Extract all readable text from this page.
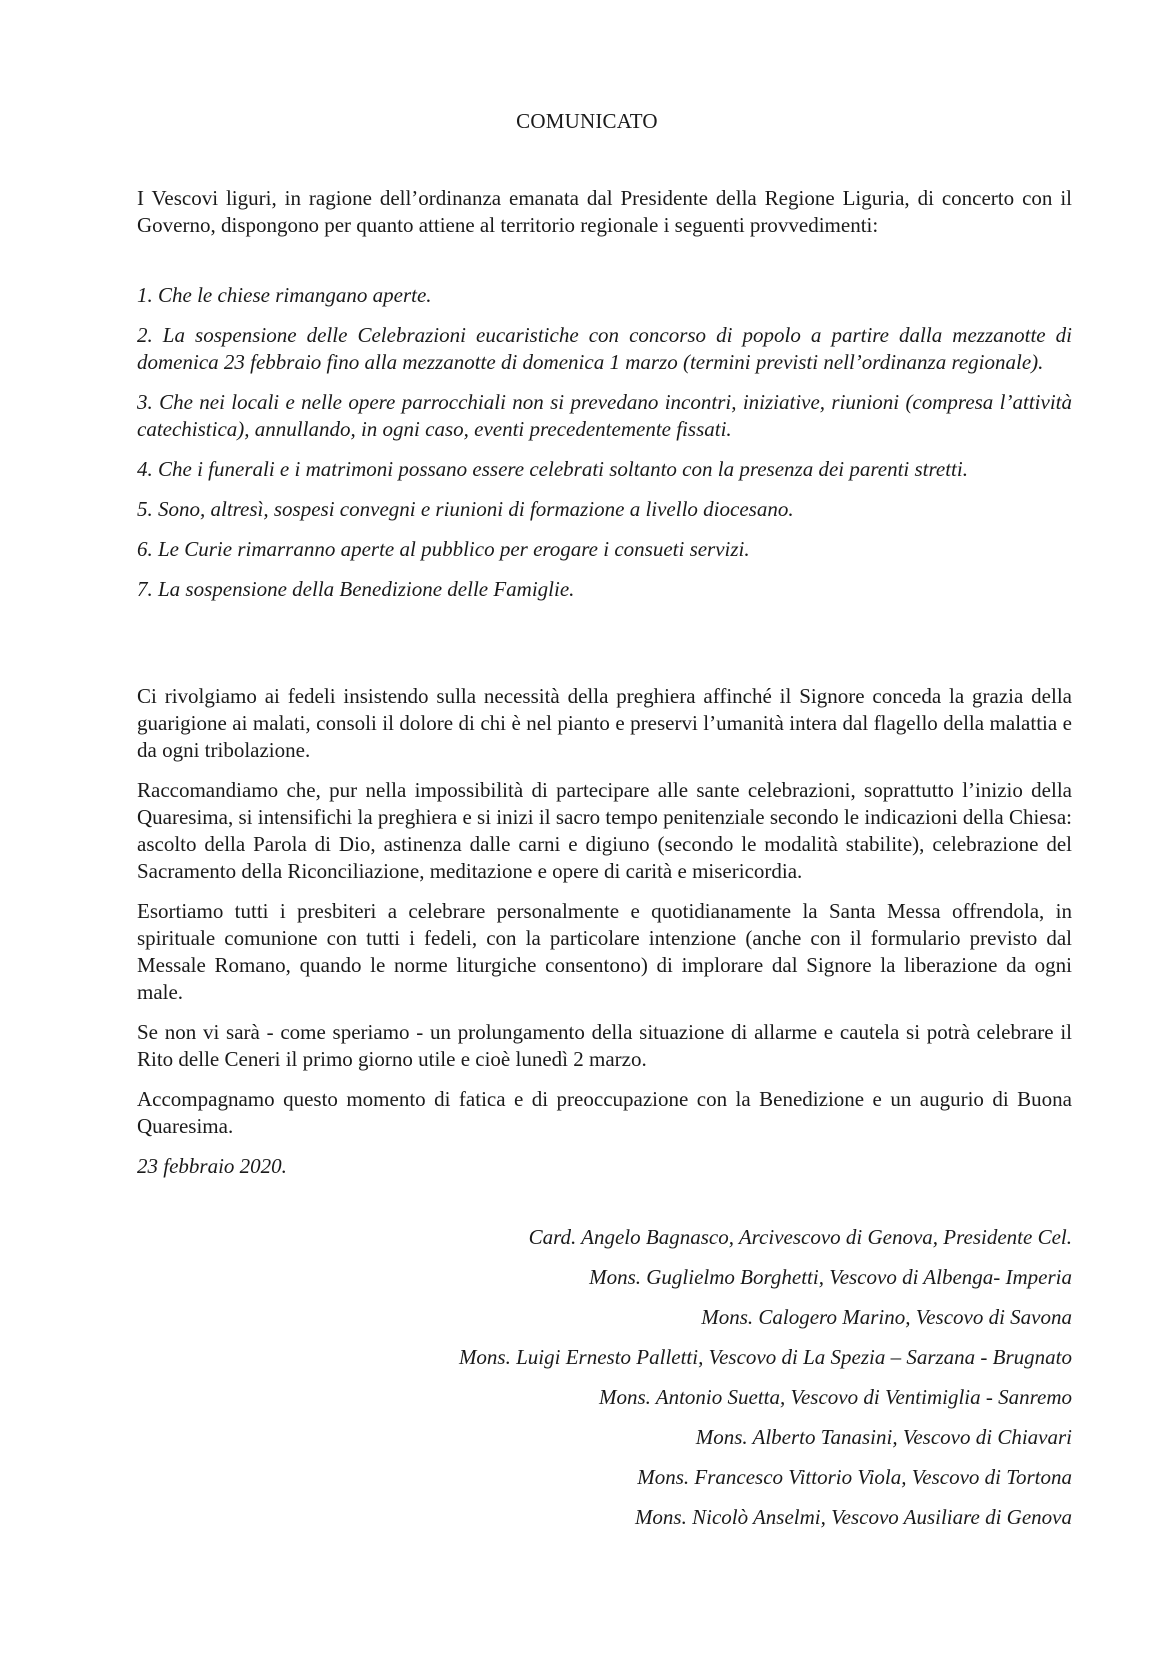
COMUNICATO

I Vescovi liguri, in ragione dell’ordinanza emanata dal Presidente della Regione Liguria, di concerto con il Governo, dispongono per quanto attiene al territorio regionale i seguenti provvedimenti:

1. Che le chiese rimangano aperte.

2. La sospensione delle Celebrazioni eucaristiche con concorso di popolo a partire dalla mezzanotte di domenica 23 febbraio fino alla mezzanotte di domenica 1 marzo (termini previsti nell’ordinanza regionale).

3. Che nei locali e nelle opere parrocchiali non si prevedano incontri, iniziative, riunioni (compresa l’attività catechistica), annullando, in ogni caso, eventi precedentemente fissati.

4. Che i funerali e i matrimoni possano essere celebrati soltanto con la presenza dei parenti stretti.

5. Sono, altresì, sospesi convegni e riunioni di formazione a livello diocesano.

6. Le Curie rimarranno aperte al pubblico per erogare i consueti servizi.

7. La sospensione della Benedizione delle Famiglie.

Ci rivolgiamo ai fedeli insistendo sulla necessità della preghiera affinché il Signore conceda la grazia della guarigione ai malati, consoli il dolore di chi è nel pianto e preservi l’umanità intera dal flagello della malattia e da ogni tribolazione.

Raccomandiamo che, pur nella impossibilità di partecipare alle sante celebrazioni, soprattutto l’inizio della Quaresima, si intensifichi la preghiera e si inizi il sacro tempo penitenziale secondo le indicazioni della Chiesa: ascolto della Parola di Dio, astinenza dalle carni e digiuno (secondo le modalità stabilite), celebrazione del Sacramento della Riconciliazione, meditazione e opere di carità e misericordia.

Esortiamo tutti i presbiteri a celebrare personalmente e quotidianamente la Santa Messa offrendola, in spirituale comunione con tutti i fedeli, con la particolare intenzione (anche con il formulario previsto dal Messale Romano, quando le norme liturgiche consentono) di implorare dal Signore la liberazione da ogni male.

Se non vi sarà - come speriamo - un prolungamento della situazione di allarme e cautela si potrà celebrare il Rito delle Ceneri il primo giorno utile e cioè lunedì 2 marzo.

Accompagnamo questo momento di fatica e di preoccupazione con la Benedizione e un augurio di Buona Quaresima.

23 febbraio 2020.

Card. Angelo Bagnasco, Arcivescovo di Genova, Presidente Cel.
Mons. Guglielmo Borghetti, Vescovo di Albenga- Imperia
Mons. Calogero Marino, Vescovo di Savona
Mons. Luigi Ernesto Palletti, Vescovo di La Spezia – Sarzana - Brugnato
Mons. Antonio Suetta, Vescovo di Ventimiglia - Sanremo
Mons. Alberto Tanasini, Vescovo di Chiavari
Mons. Francesco Vittorio Viola, Vescovo di Tortona
Mons. Nicolò Anselmi, Vescovo Ausiliare di Genova
